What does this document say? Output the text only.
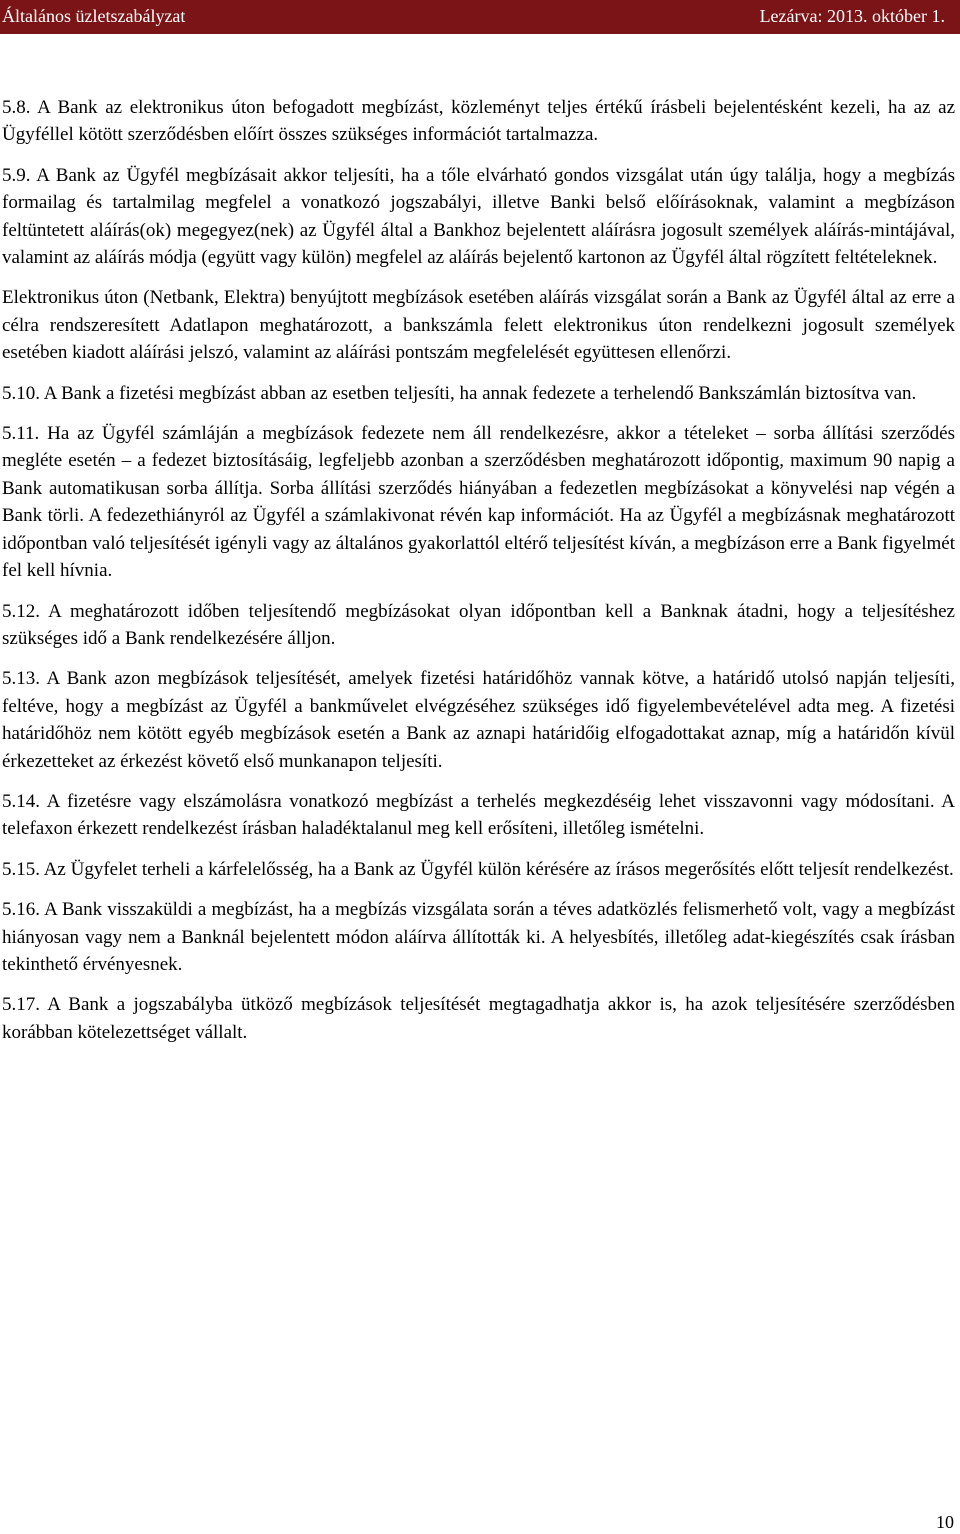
Általános üzletszabályzat	Lezárva: 2013. október 1.

5.8. A Bank az elektronikus úton befogadott megbízást, közleményt teljes értékű írásbeli bejelentésként kezeli, ha az az Ügyféllel kötött szerződésben előírt összes szükséges információt tartalmazza.

5.9. A Bank az Ügyfél megbízásait akkor teljesíti, ha a tőle elvárható gondos vizsgálat után úgy találja, hogy a megbízás formailag és tartalmilag megfelel a vonatkozó jogszabályi, illetve Banki belső előírásoknak, valamint a megbízáson feltüntetett aláírás(ok) megegyez(nek) az Ügyfél által a Bankhoz bejelentett aláírásra jogosult személyek aláírás-mintájával, valamint az aláírás módja (együtt vagy külön) megfelel az aláírás bejelentő kartonon az Ügyfél által rögzített feltételeknek.

Elektronikus úton (Netbank, Elektra) benyújtott megbízások esetében aláírás vizsgálat során a Bank az Ügyfél által az erre a célra rendszeresített Adatlapon meghatározott, a bankszámla felett elektronikus úton rendelkezni jogosult személyek esetében kiadott aláírási jelszó, valamint az aláírási pontszám megfelelését együttesen ellenőrzi.

5.10. A Bank a fizetési megbízást abban az esetben teljesíti, ha annak fedezete a terhelendő Bankszámlán biztosítva van.

5.11. Ha az Ügyfél számláján a megbízások fedezete nem áll rendelkezésre, akkor a tételeket – sorba állítási szerződés megléte esetén – a fedezet biztosításáig, legfeljebb azonban a szerződésben meghatározott időpontig, maximum 90 napig a Bank automatikusan sorba állítja. Sorba állítási szerződés hiányában a fedezetlen megbízásokat a könyvelési nap végén a Bank törli. A fedezethiányról az Ügyfél a számlakivonat révén kap információt. Ha az Ügyfél a megbízásnak meghatározott időpontban való teljesítését igényli vagy az általános gyakorlattól eltérő teljesítést kíván, a megbízáson erre a Bank figyelmét fel kell hívnia.

5.12. A meghatározott időben teljesítendő megbízásokat olyan időpontban kell a Banknak átadni, hogy a teljesítéshez szükséges idő a Bank rendelkezésére álljon.

5.13. A Bank azon megbízások teljesítését, amelyek fizetési határidőhöz vannak kötve, a határidő utolsó napján teljesíti, feltéve, hogy a megbízást az Ügyfél a bankművelet elvégzéséhez szükséges idő figyelembevételével adta meg. A fizetési határidőhöz nem kötött egyéb megbízások esetén a Bank az aznapi határidőig elfogadottakat aznap, míg a határidőn kívül érkezetteket az érkezést követő első munkanapon teljesíti.

5.14. A fizetésre vagy elszámolásra vonatkozó megbízást a terhelés megkezdéséig lehet visszavonni vagy módosítani. A telefaxon érkezett rendelkezést írásban haladéktalanul meg kell erősíteni, illetőleg ismételni.

5.15. Az Ügyfelet terheli a kárfelelősség, ha a Bank az Ügyfél külön kérésére az írásos megerősítés előtt teljesít rendelkezést.

5.16. A Bank visszaküldi a megbízást, ha a megbízás vizsgálata során a téves adatközlés felismerhető volt, vagy a megbízást hiányosan vagy nem a Banknál bejelentett módon aláírva állították ki. A helyesbítés, illetőleg adat-kiegészítés csak írásban tekinthető érvényesnek.

5.17. A Bank a jogszabályba ütköző megbízások teljesítését megtagadhatja akkor is, ha azok teljesítésére szerződésben korábban kötelezettséget vállalt.

10
